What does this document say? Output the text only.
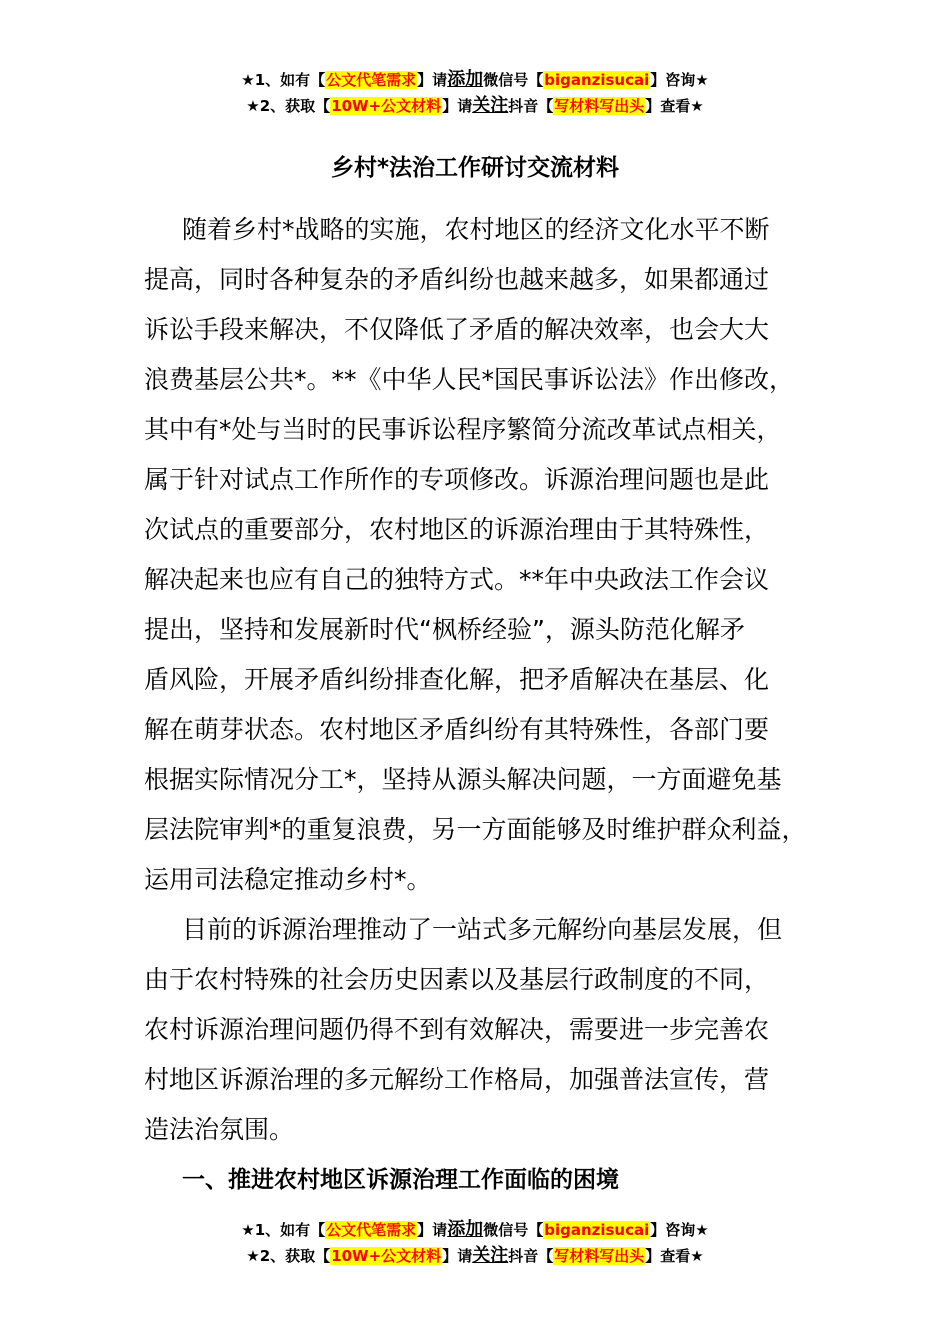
★1、如有【公文代笔需求】请添加微信号【biganzisucai】咨询★
★2、获取【10W+公文材料】请关注抖音【写材料写出头】查看★
乡村*法治工作研讨交流材料
随着乡村*战略的实施，农村地区的经济文化水平不断
提高，同时各种复杂的矛盾纠纷也越来越多，如果都通过
诉讼手段来解决，不仅降低了矛盾的解决效率，也会大大
浪费基层公共*。**《中华人民*国民事诉讼法》作出修改，
其中有*处与当时的民事诉讼程序繁简分流改革试点相关，
属于针对试点工作所作的专项修改。诉源治理问题也是此
次试点的重要部分，农村地区的诉源治理由于其特殊性，
解决起来也应有自己的独特方式。**年中央政法工作会议
提出，坚持和发展新时代“枫桥经验”，源头防范化解矛
盾风险，开展矛盾纠纷排查化解，把矛盾解决在基层、化
解在萌芽状态。农村地区矛盾纠纷有其特殊性，各部门要
根据实际情况分工*，坚持从源头解决问题，一方面避免基
层法院审判*的重复浪费，另一方面能够及时维护群众利益，
运用司法稳定推动乡村*。
目前的诉源治理推动了一站式多元解纷向基层发展，但
由于农村特殊的社会历史因素以及基层行政制度的不同，
农村诉源治理问题仍得不到有效解决，需要进一步完善农
村地区诉源治理的多元解纷工作格局，加强普法宣传，营
造法治氛围。
一、推进农村地区诉源治理工作面临的困境
★1、如有【公文代笔需求】请添加微信号【biganzisucai】咨询★
★2、获取【10W+公文材料】请关注抖音【写材料写出头】查看★
